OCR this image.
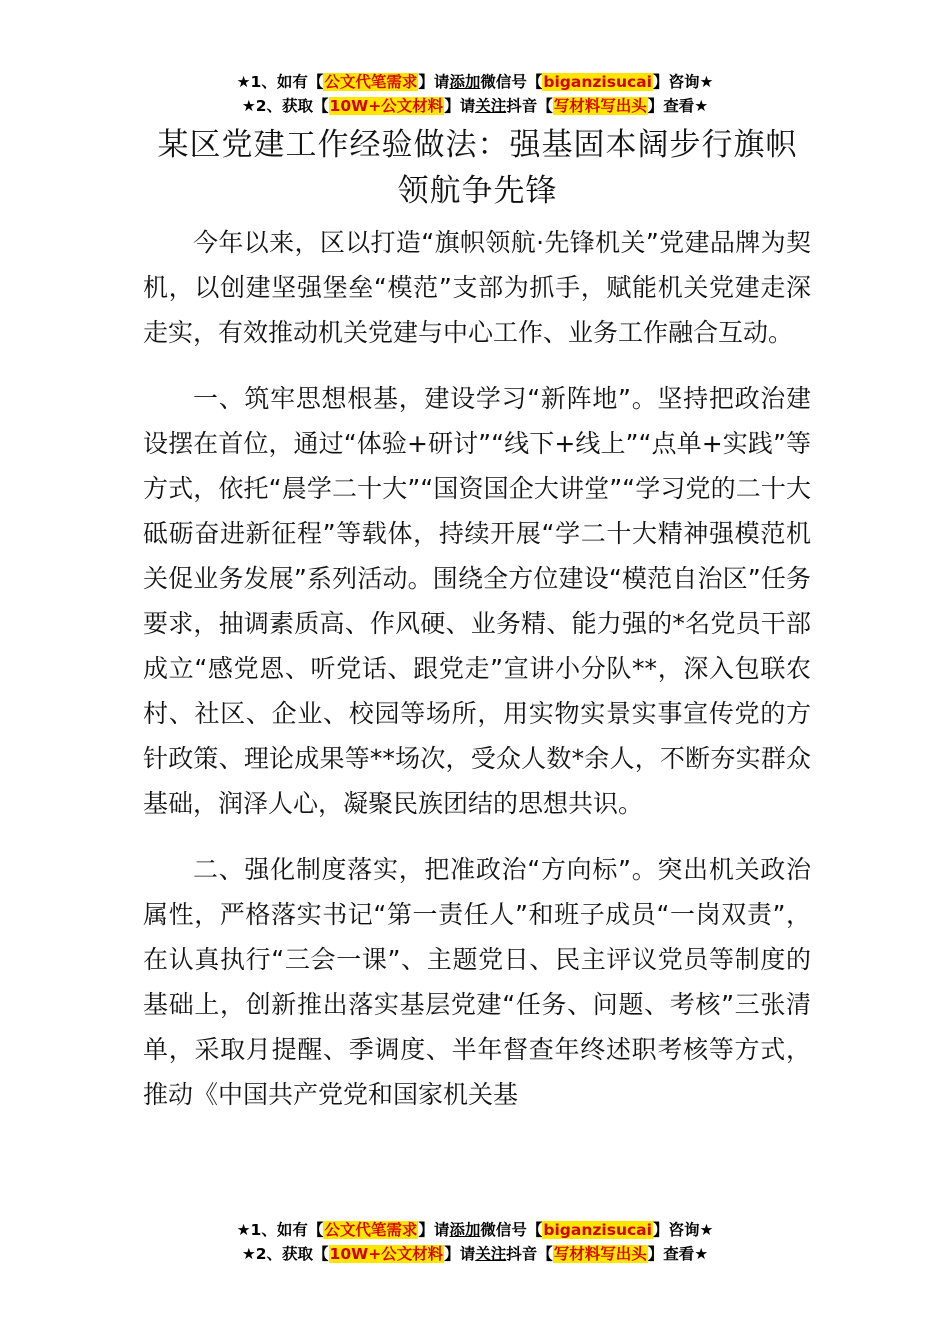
★1、如有【公文代笔需求】请添加微信号【biganzisucai】咨询★
★2、获取【10W+公文材料】请关注抖音【写材料写出头】查看★
某区党建工作经验做法：强基固本阔步行旗帜领航争先锋

今年以来，区以打造“旗帜领航·先锋机关”党建品牌为契机，以创建坚强堡垒“模范”支部为抓手，赋能机关党建走深走实，有效推动机关党建与中心工作、业务工作融合互动。

一、筑牢思想根基，建设学习“新阵地”。坚持把政治建设摆在首位，通过“体验+研讨”“线下+线上”“点单+实践”等方式，依托“晨学二十大”“国资国企大讲堂”“学习党的二十大砥砺奋进新征程”等载体，持续开展“学二十大精神强模范机关促业务发展”系列活动。围绕全方位建设“模范自治区”任务要求，抽调素质高、作风硬、业务精、能力强的*名党员干部成立“感党恩、听党话、跟党走”宣讲小分队**，深入包联农村、社区、企业、校园等场所，用实物实景实事宣传党的方针政策、理论成果等**场次，受众人数*余人，不断夯实群众基础，润泽人心，凝聚民族团结的思想共识。

二、强化制度落实，把准政治“方向标”。突出机关政治属性，严格落实书记“第一责任人”和班子成员“一岗双责”，在认真执行“三会一课”、主题党日、民主评议党员等制度的基础上，创新推出落实基层党建“任务、问题、考核”三张清单，采取月提醒、季调度、半年督查年终述职考核等方式，推动《中国共产党党和国家机关基

★1、如有【公文代笔需求】请添加微信号【biganzisucai】咨询★
★2、获取【10W+公文材料】请关注抖音【写材料写出头】查看★
